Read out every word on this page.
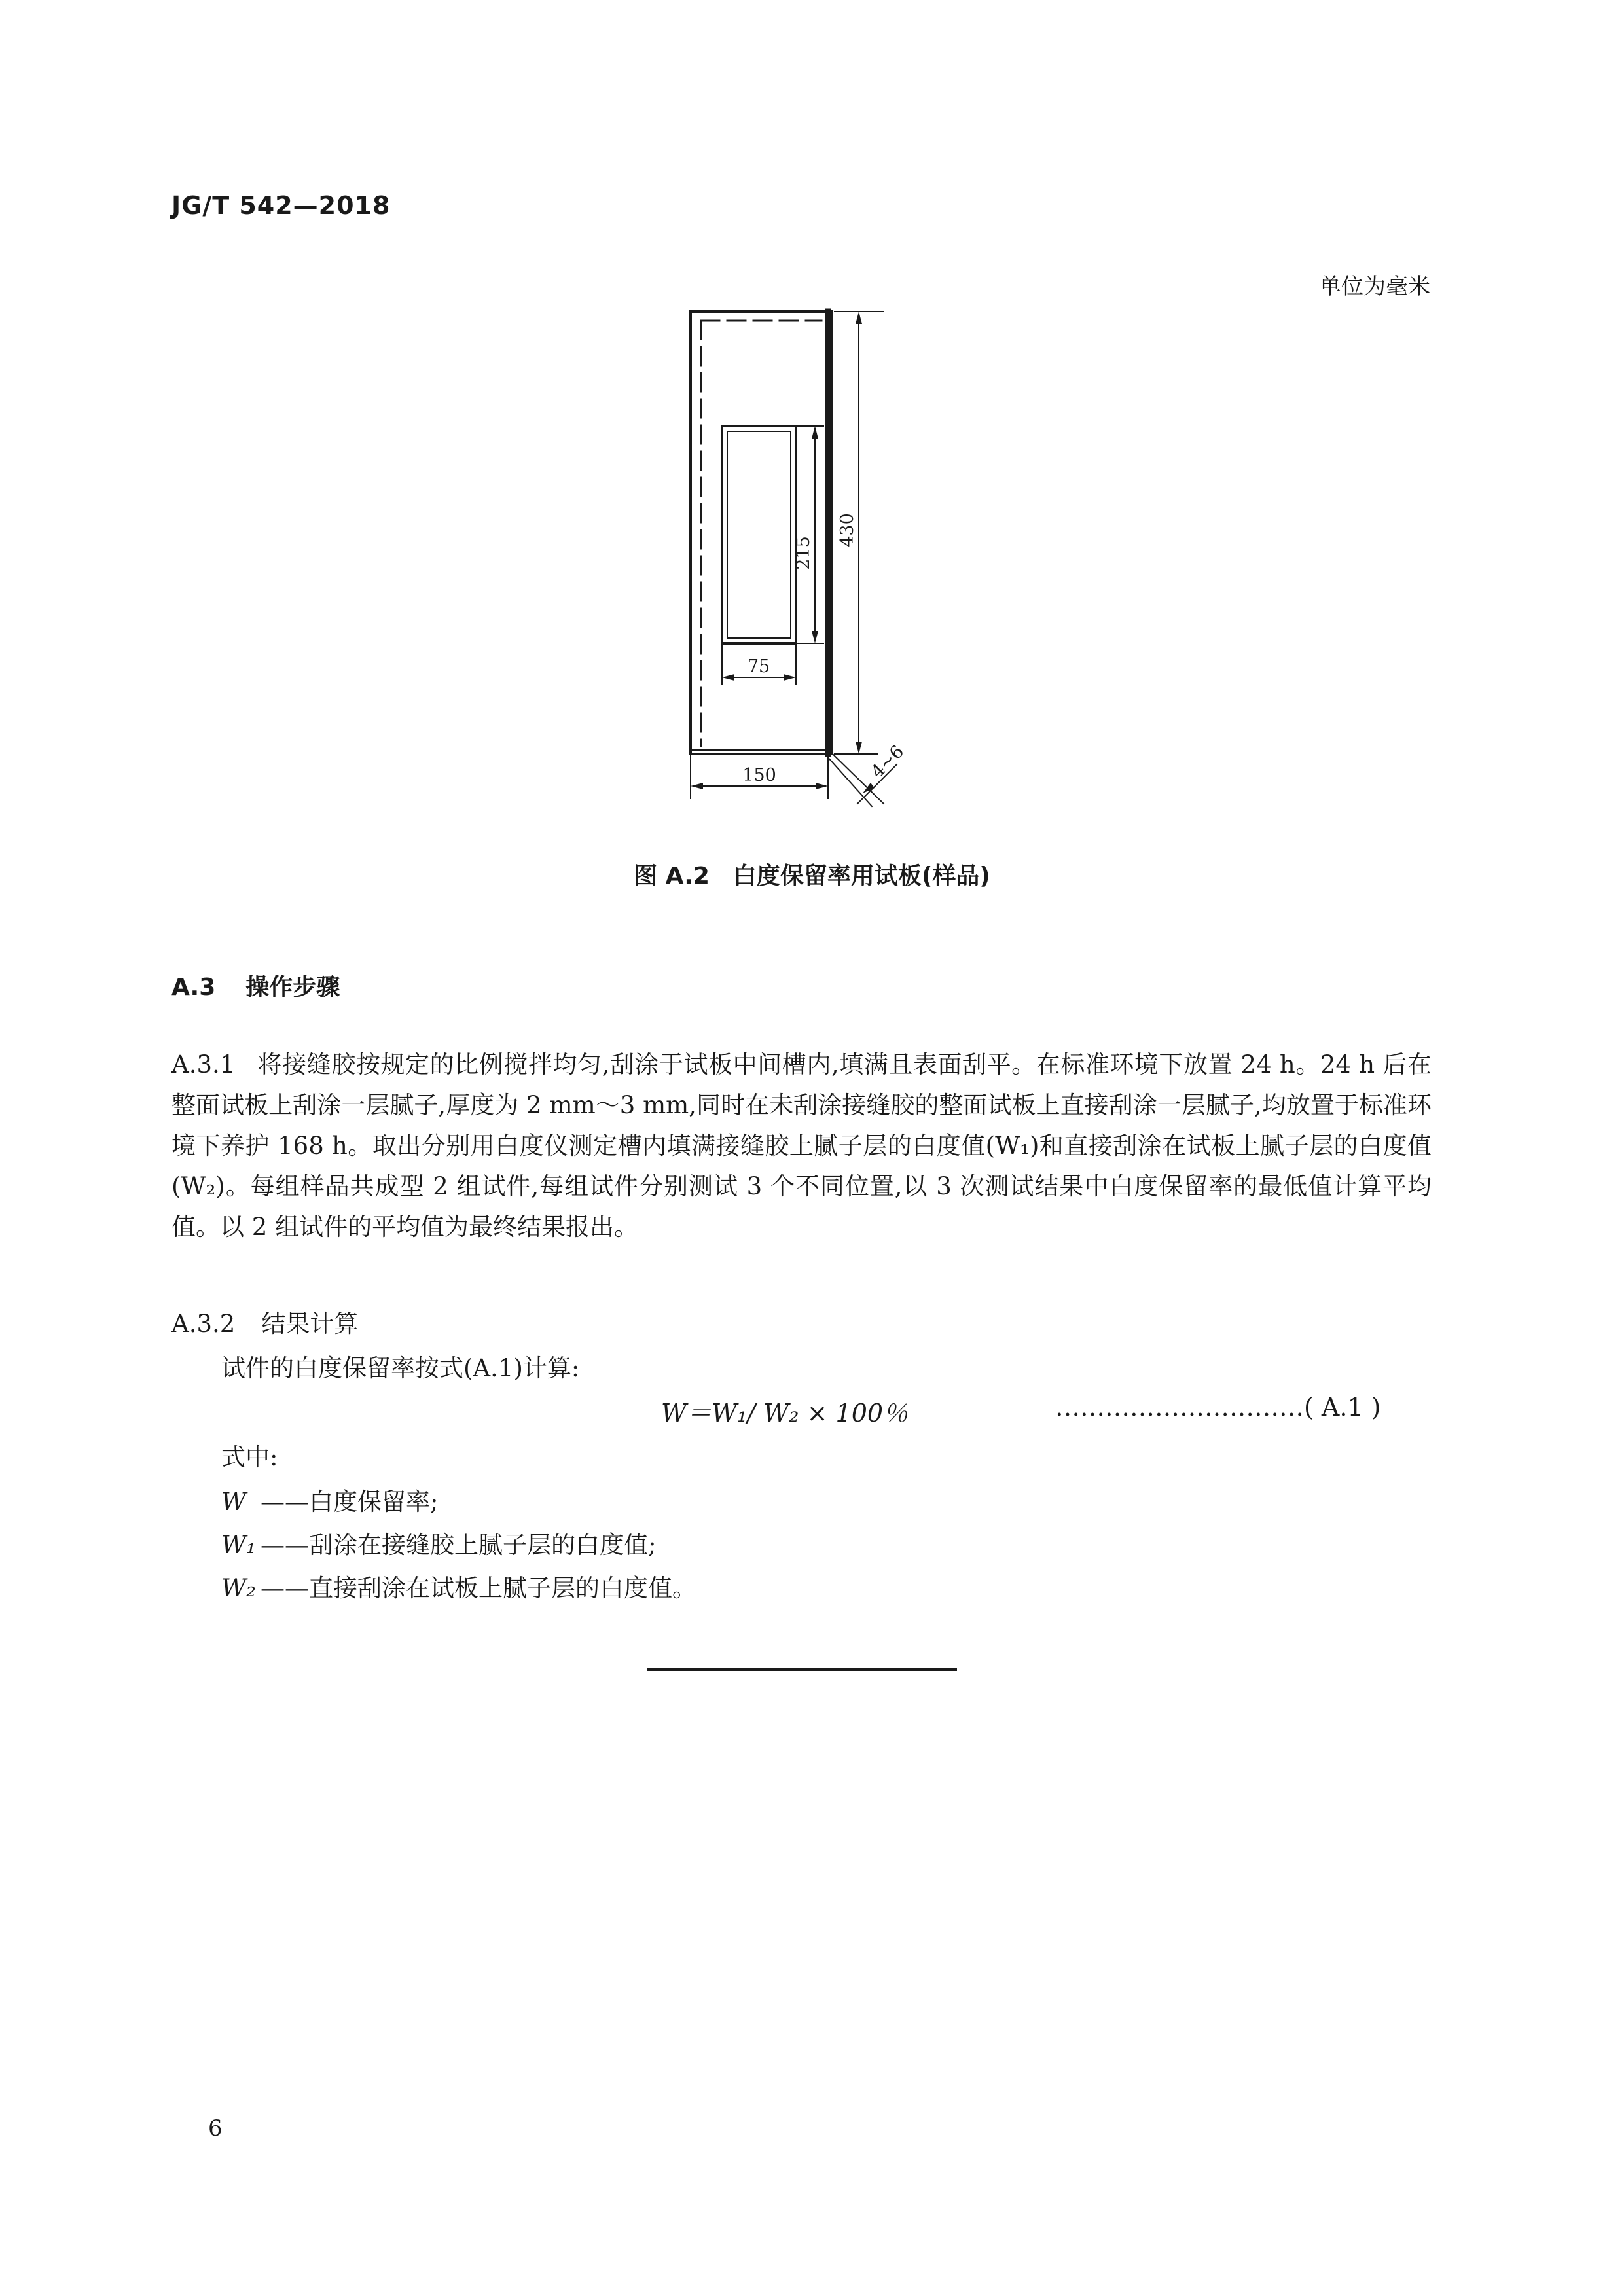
JG/T 542—2018
单位为毫米
215
430
75
150	4~6
图 A.2　白度保留率用试板(样品)
A.3 操作步骤
A.3.1 将接缝胶按规定的比例搅拌均匀,刮涂于试板中间槽内,填满且表面刮平。在标准环境下放置 24 h。24 h 后在整面试板上刮涂一层腻子,厚度为 2 mm～3 mm,同时在未刮涂接缝胶的整面试板上直接刮涂一层腻子,均放置于标准环境下养护 168 h。取出分别用白度仪测定槽内填满接缝胶上腻子层的白度值(W₁)和直接刮涂在试板上腻子层的白度值(W₂)。每组样品共成型 2 组试件,每组试件分别测试 3 个不同位置,以 3 次测试结果中白度保留率的最低值计算平均值。以 2 组试件的平均值为最终结果报出。
A.3.2 结果计算
试件的白度保留率按式(A.1)计算:
W＝W₁/ W₂ × 100％	…………………………( A.1 )
式中:
W ——白度保留率;
W₁ ——刮涂在接缝胶上腻子层的白度值;
W₂ ——直接刮涂在试板上腻子层的白度值。
6
